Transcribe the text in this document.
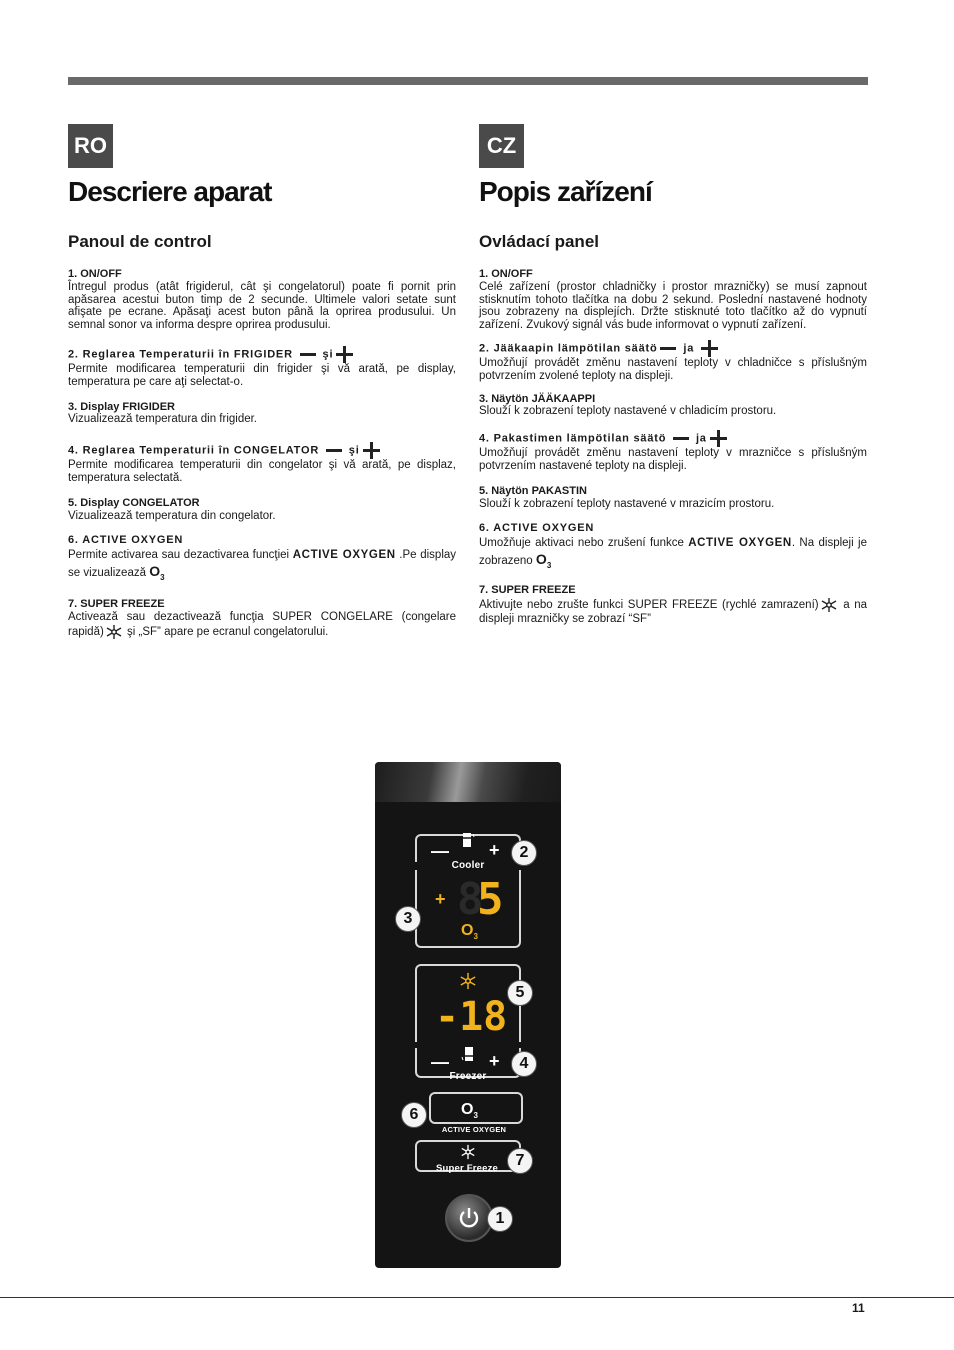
RO
Descriere aparat
Panoul de control
1. ON/OFF
Întregul produs (atât frigiderul, cât şi congelatorul) poate fi pornit prin apăsarea acestui buton timp de 2 secunde. Ultimele valori setate sunt afişate pe ecrane. Apăsaţi acest buton până la oprirea produsului. Un semnal sonor va informa despre oprirea produsului.
2. Reglarea Temperaturii în FRIGIDER	şi
Permite modificarea temperaturii din frigider şi vă arată, pe display, temperatura pe care aţi selectat-o.
3. Display FRIGIDER
Vizualizează temperatura din frigider.
4. Reglarea Temperaturii în CONGELATOR	şi
Permite modificarea temperaturii din congelator şi vă arată, pe displaz, temperatura selectată.
5. Display CONGELATOR
Vizualizează temperatura din congelator.
6. ACTIVE OXYGEN
Permite activarea sau dezactivarea funcţiei ACTIVE OXYGEN .Pe display se vizualizează $O_3$
7. SUPER FREEZE
Activează sau dezactivează funcţia SUPER CONGELARE (congelare rapidă) şi „SF” apare pe ecranul congelatorului.
CZ
Popis zařízení
Ovládací panel
1. ON/OFF
Celé zařízení (prostor chladničky i prostor mrazničky) se musí zapnout stisknutím tohoto tlačítka na dobu 2 sekund. Poslední nastavené hodnoty jsou zobrazeny na displejích. Držte stisknuté toto tlačítko až do vypnutí zařízení. Zvukový signál vás bude informovat o vypnutí zařízení.
2. Jääkaapin lämpötilan säätö ja
Umožňují provádět změnu nastavení teploty v chladničce s příslušným potvrzením zvolené teploty na displeji.
3. Näytön JÄÄKAAPPI
Slouží k zobrazení teploty nastavené v chladicím prostoru.
4. Pakastimen lämpötilan säätö	ja
Umožňují provádět změnu nastavení teploty v mrazničce s příslušným potvrzením nastavené teploty na displeji.
5. Näytön PAKASTIN
Slouží k zobrazení teploty nastavené v mrazicím prostoru.
6. ACTIVE OXYGEN
Umožňuje aktivaci nebo zrušení funkce ACTIVE OXYGEN. Na displeji je zobrazeno $O_3$
7. SUPER FREEZE
Aktivujte nebo zrušte funkci SUPER FREEZE (rychlé zamrazení) a na displeji mrazničky se zobrazí “SF”
— +
Cooler
+ 8
5
$O_3$
-18
— +
Freezer
$O_3$
ACTIVE OXYGEN
Super Freeze
2
3
5
4
6
7
1
11
